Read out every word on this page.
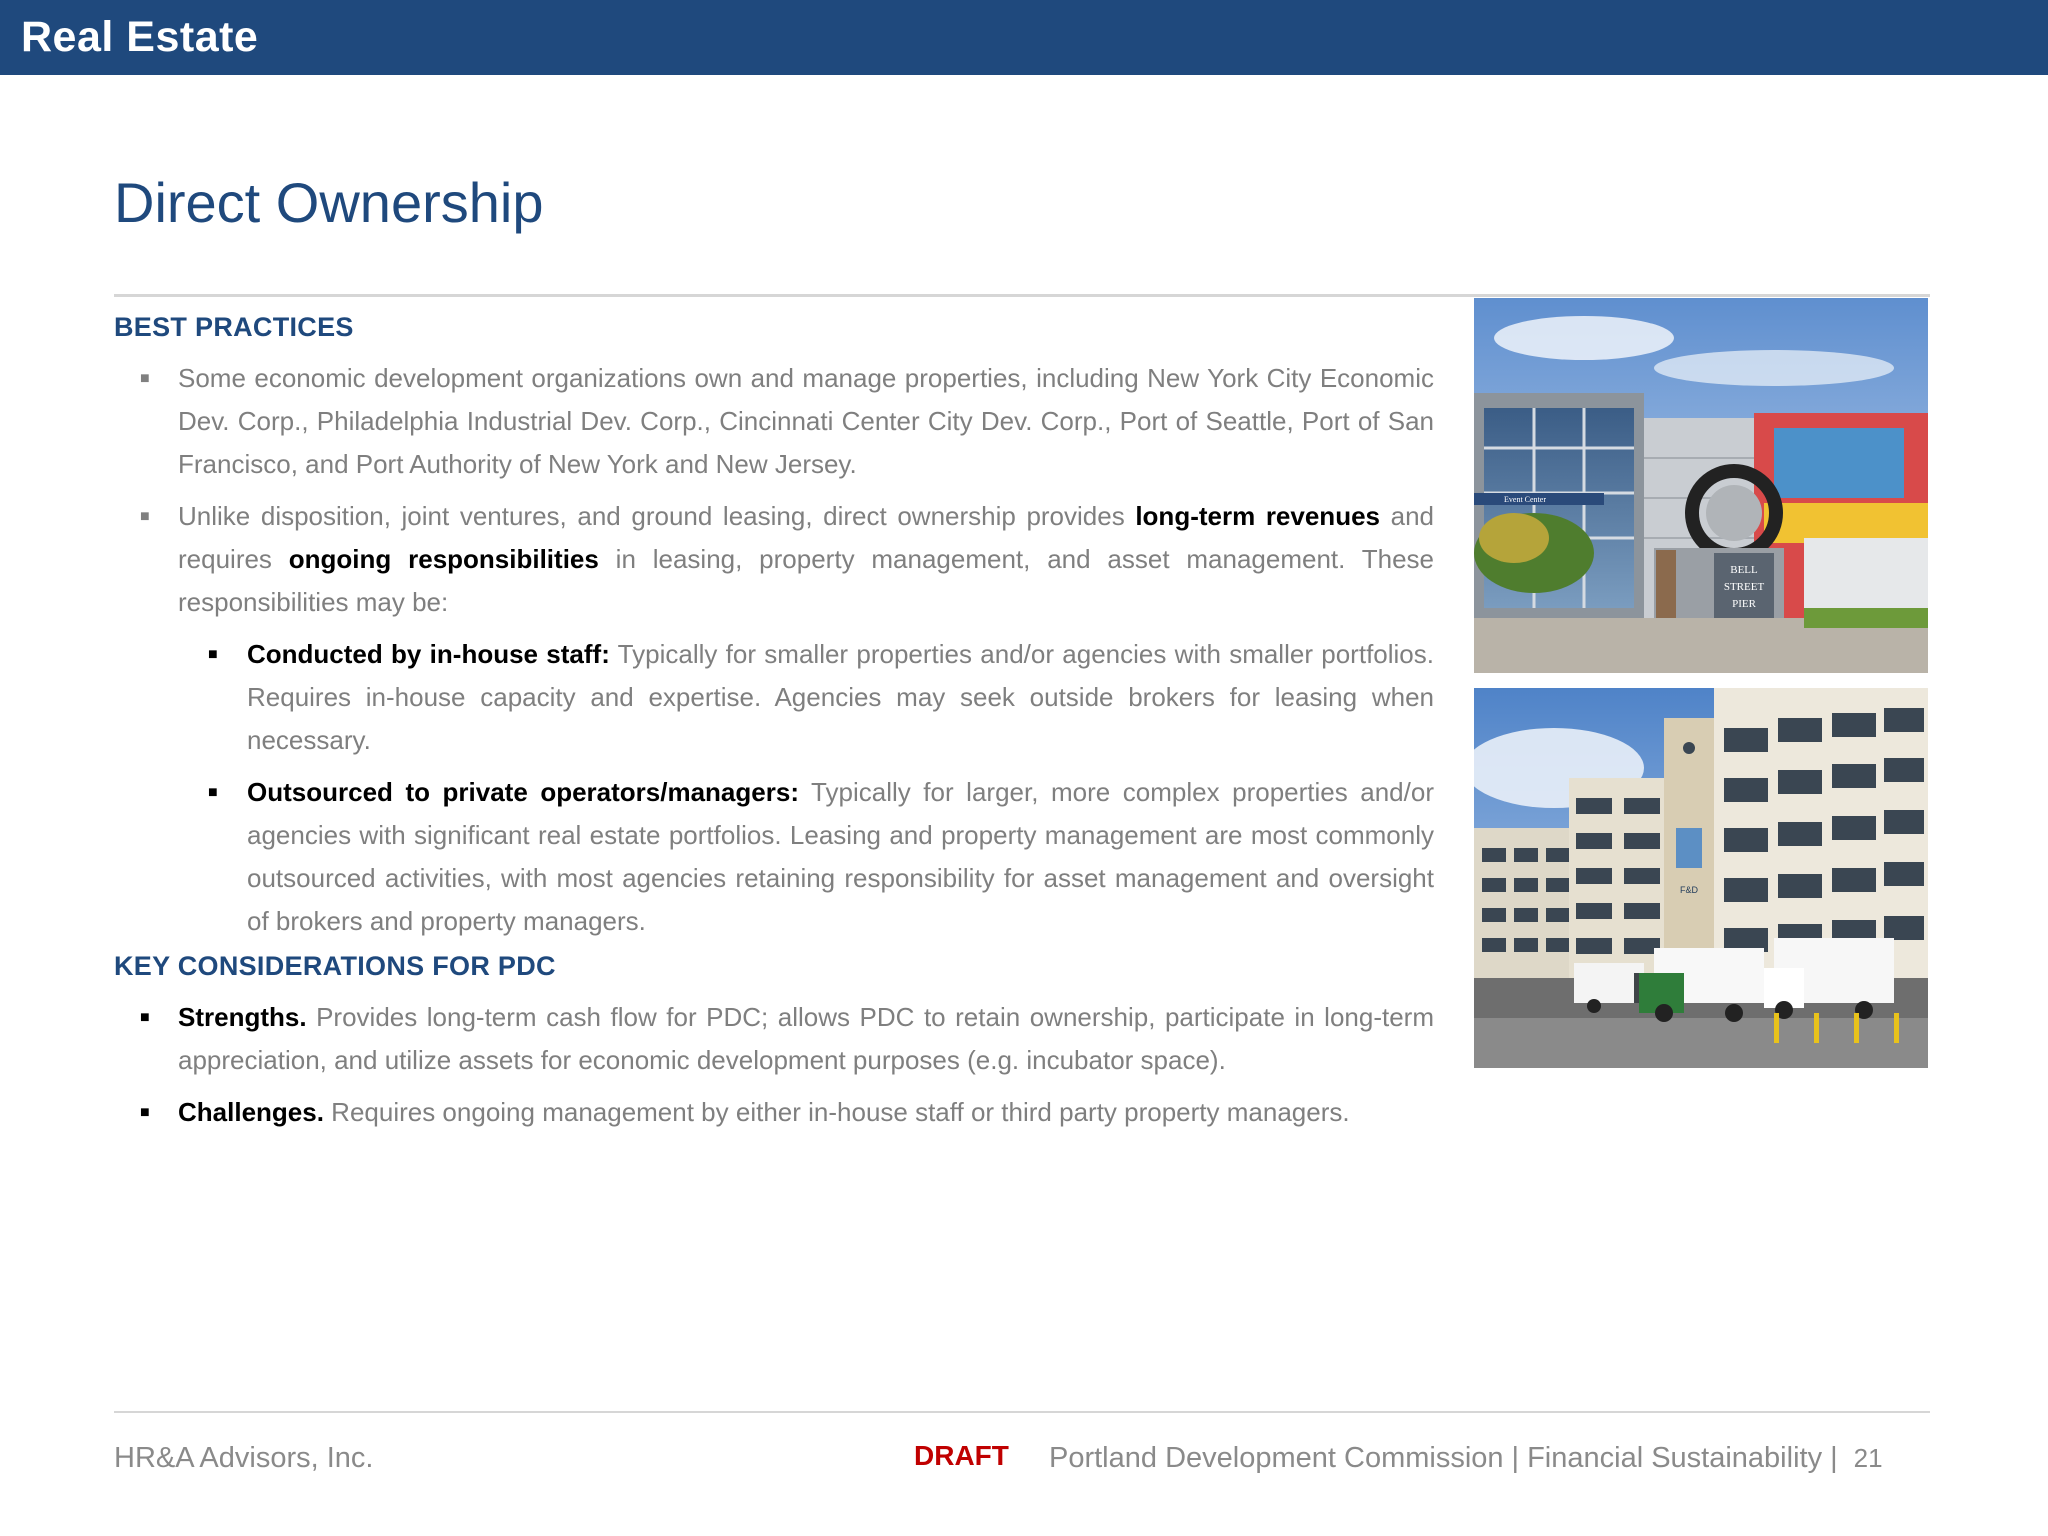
Real Estate
Direct Ownership
BEST PRACTICES
■ Some economic development organizations own and manage properties, including New York City Economic Dev. Corp., Philadelphia Industrial Dev. Corp., Cincinnati Center City Dev. Corp., Port of Seattle, Port of San Francisco, and Port Authority of New York and New Jersey.
■ Unlike disposition, joint ventures, and ground leasing, direct ownership provides long-term revenues and requires ongoing responsibilities in leasing, property management, and asset management. These responsibilities may be:
■ Conducted by in-house staff: Typically for smaller properties and/or agencies with smaller portfolios. Requires in-house capacity and expertise. Agencies may seek outside brokers for leasing when necessary.
■ Outsourced to private operators/managers: Typically for larger, more complex properties and/or agencies with significant real estate portfolios. Leasing and property management are most commonly outsourced activities, with most agencies retaining responsibility for asset management and oversight of brokers and property managers.
KEY CONSIDERATIONS FOR PDC
■ Strengths. Provides long-term cash flow for PDC; allows PDC to retain ownership, participate in long-term appreciation, and utilize assets for economic development purposes (e.g. incubator space).
■ Challenges. Requires ongoing management by either in-house staff or third party property managers.
Event Center
BELL
STREET
PIER
F&D
HR&A Advisors, Inc.	DRAFT Portland Development Commission | Financial Sustainability | 21
